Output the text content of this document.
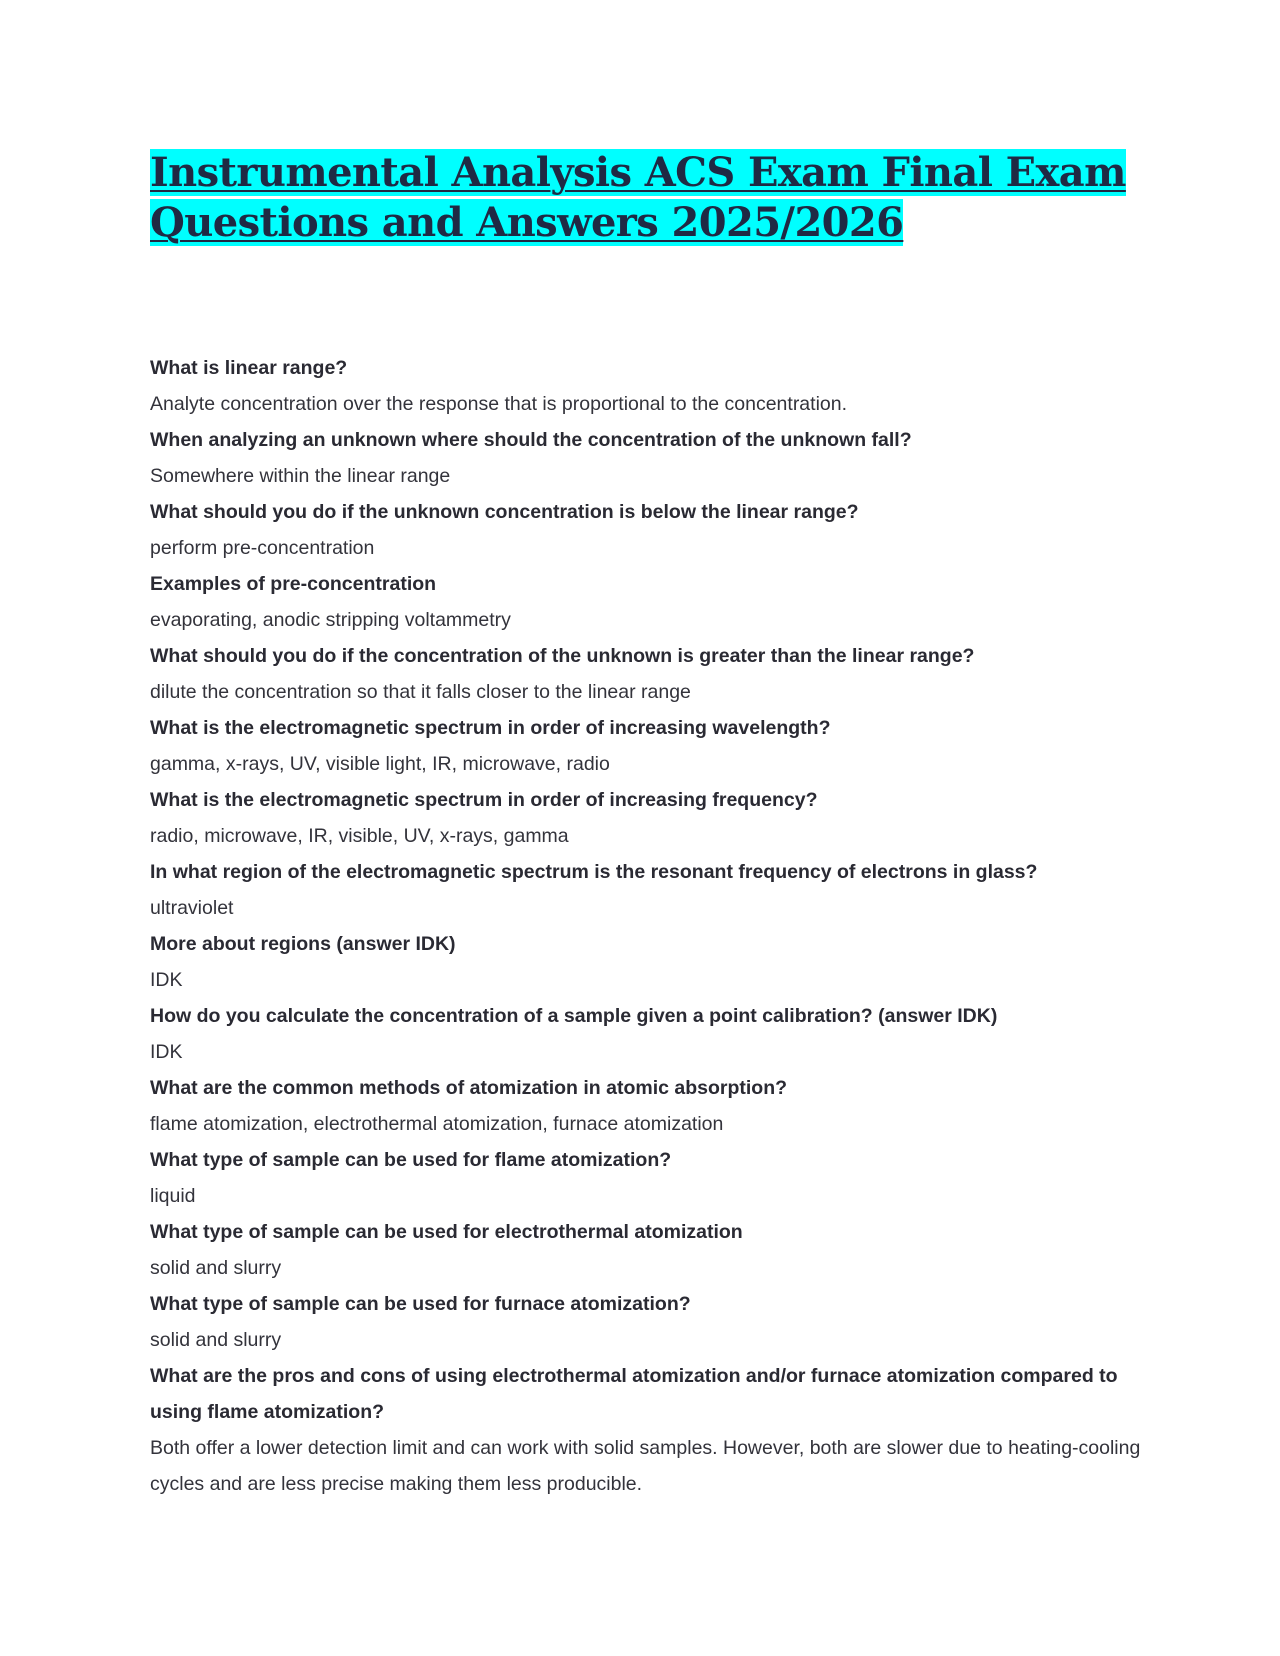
Instrumental Analysis ACS Exam Final Exam Questions and Answers 2025/2026
What is linear range?
Analyte concentration over the response that is proportional to the concentration.
When analyzing an unknown where should the concentration of the unknown fall?
Somewhere within the linear range
What should you do if the unknown concentration is below the linear range?
perform pre-concentration
Examples of pre-concentration
evaporating, anodic stripping voltammetry
What should you do if the concentration of the unknown is greater than the linear range?
dilute the concentration so that it falls closer to the linear range
What is the electromagnetic spectrum in order of increasing wavelength?
gamma, x-rays, UV, visible light, IR, microwave, radio
What is the electromagnetic spectrum in order of increasing frequency?
radio, microwave, IR, visible, UV, x-rays, gamma
In what region of the electromagnetic spectrum is the resonant frequency of electrons in glass?
ultraviolet
More about regions (answer IDK)
IDK
How do you calculate the concentration of a sample given a point calibration? (answer IDK)
IDK
What are the common methods of atomization in atomic absorption?
flame atomization, electrothermal atomization, furnace atomization
What type of sample can be used for flame atomization?
liquid
What type of sample can be used for electrothermal atomization
solid and slurry
What type of sample can be used for furnace atomization?
solid and slurry
What are the pros and cons of using electrothermal atomization and/or furnace atomization compared to using flame atomization?
Both offer a lower detection limit and can work with solid samples. However, both are slower due to heating-cooling cycles and are less precise making them less producible.
